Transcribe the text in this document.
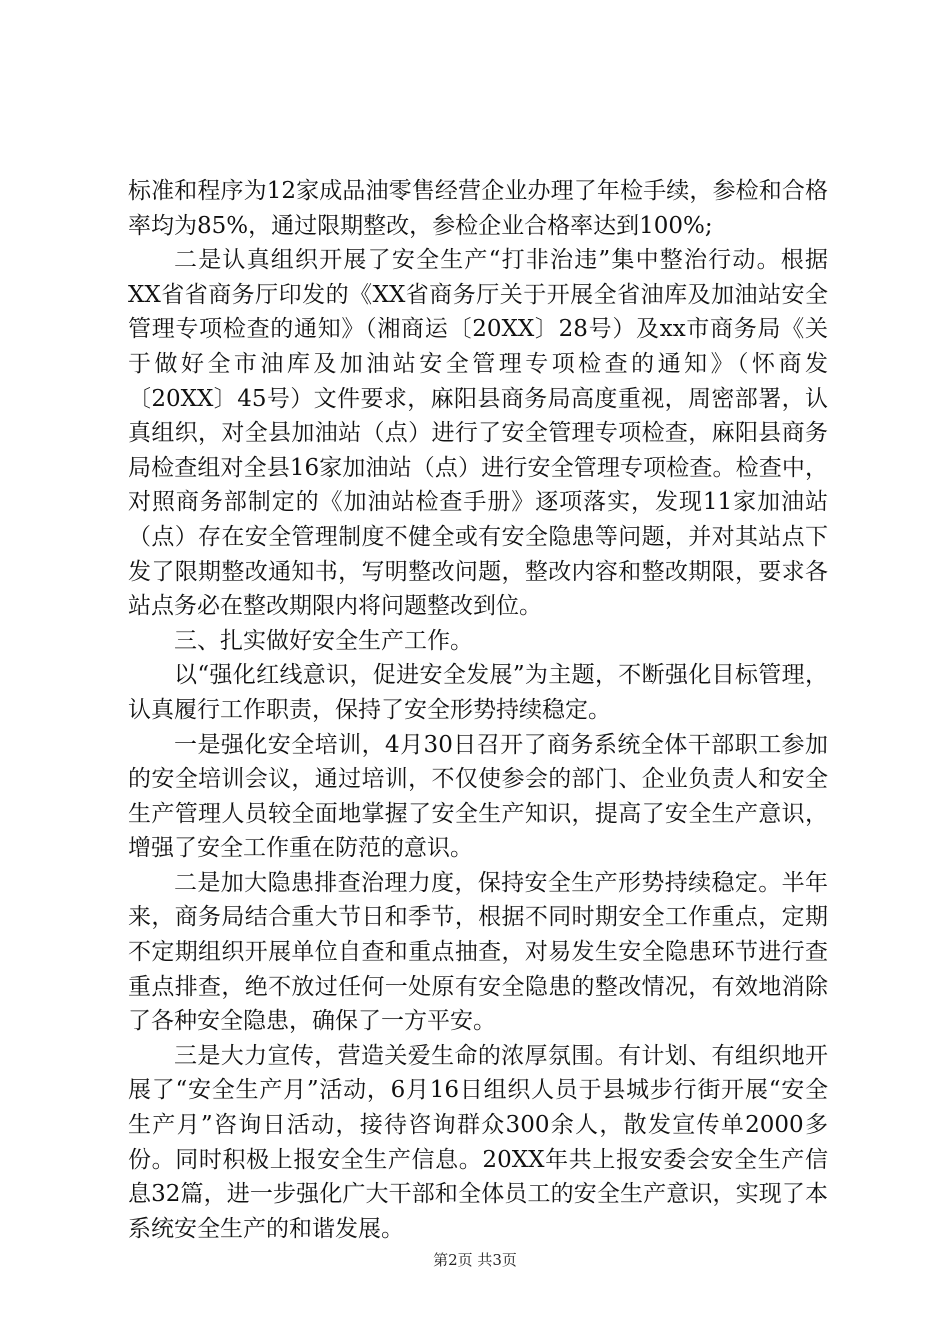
标准和程序为12家成品油零售经营企业办理了年检手续，参检和合格率均为85%，通过限期整改，参检企业合格率达到100%;

二是认真组织开展了安全生产“打非治违”集中整治行动。根据XX省省商务厅印发的《XX省商务厅关于开展全省油库及加油站安全管理专项检查的通知》（湘商运〔20XX〕28号）及xx市商务局《关于做好全市油库及加油站安全管理专项检查的通知》（怀商发〔20XX〕45号）文件要求，麻阳县商务局高度重视，周密部署，认真组织，对全县加油站（点）进行了安全管理专项检查，麻阳县商务局检查组对全县16家加油站（点）进行安全管理专项检查。检查中，对照商务部制定的《加油站检查手册》逐项落实，发现11家加油站（点）存在安全管理制度不健全或有安全隐患等问题，并对其站点下发了限期整改通知书，写明整改问题，整改内容和整改期限，要求各站点务必在整改期限内将问题整改到位。

三、扎实做好安全生产工作。

以“强化红线意识，促进安全发展”为主题，不断强化目标管理，认真履行工作职责，保持了安全形势持续稳定。

一是强化安全培训，4月30日召开了商务系统全体干部职工参加的安全培训会议，通过培训，不仅使参会的部门、企业负责人和安全生产管理人员较全面地掌握了安全生产知识，提高了安全生产意识，增强了安全工作重在防范的意识。

二是加大隐患排查治理力度，保持安全生产形势持续稳定。半年来，商务局结合重大节日和季节，根据不同时期安全工作重点，定期不定期组织开展单位自查和重点抽查，对易发生安全隐患环节进行查重点排查，绝不放过任何一处原有安全隐患的整改情况，有效地消除了各种安全隐患，确保了一方平安。

三是大力宣传，营造关爱生命的浓厚氛围。有计划、有组织地开展了“安全生产月”活动，6月16日组织人员于县城步行街开展“安全生产月”咨询日活动，接待咨询群众300余人，散发宣传单2000多份。同时积极上报安全生产信息。20XX年共上报安委会安全生产信息32篇，进一步强化广大干部和全体员工的安全生产意识，实现了本系统安全生产的和谐发展。

第2页 共3页
